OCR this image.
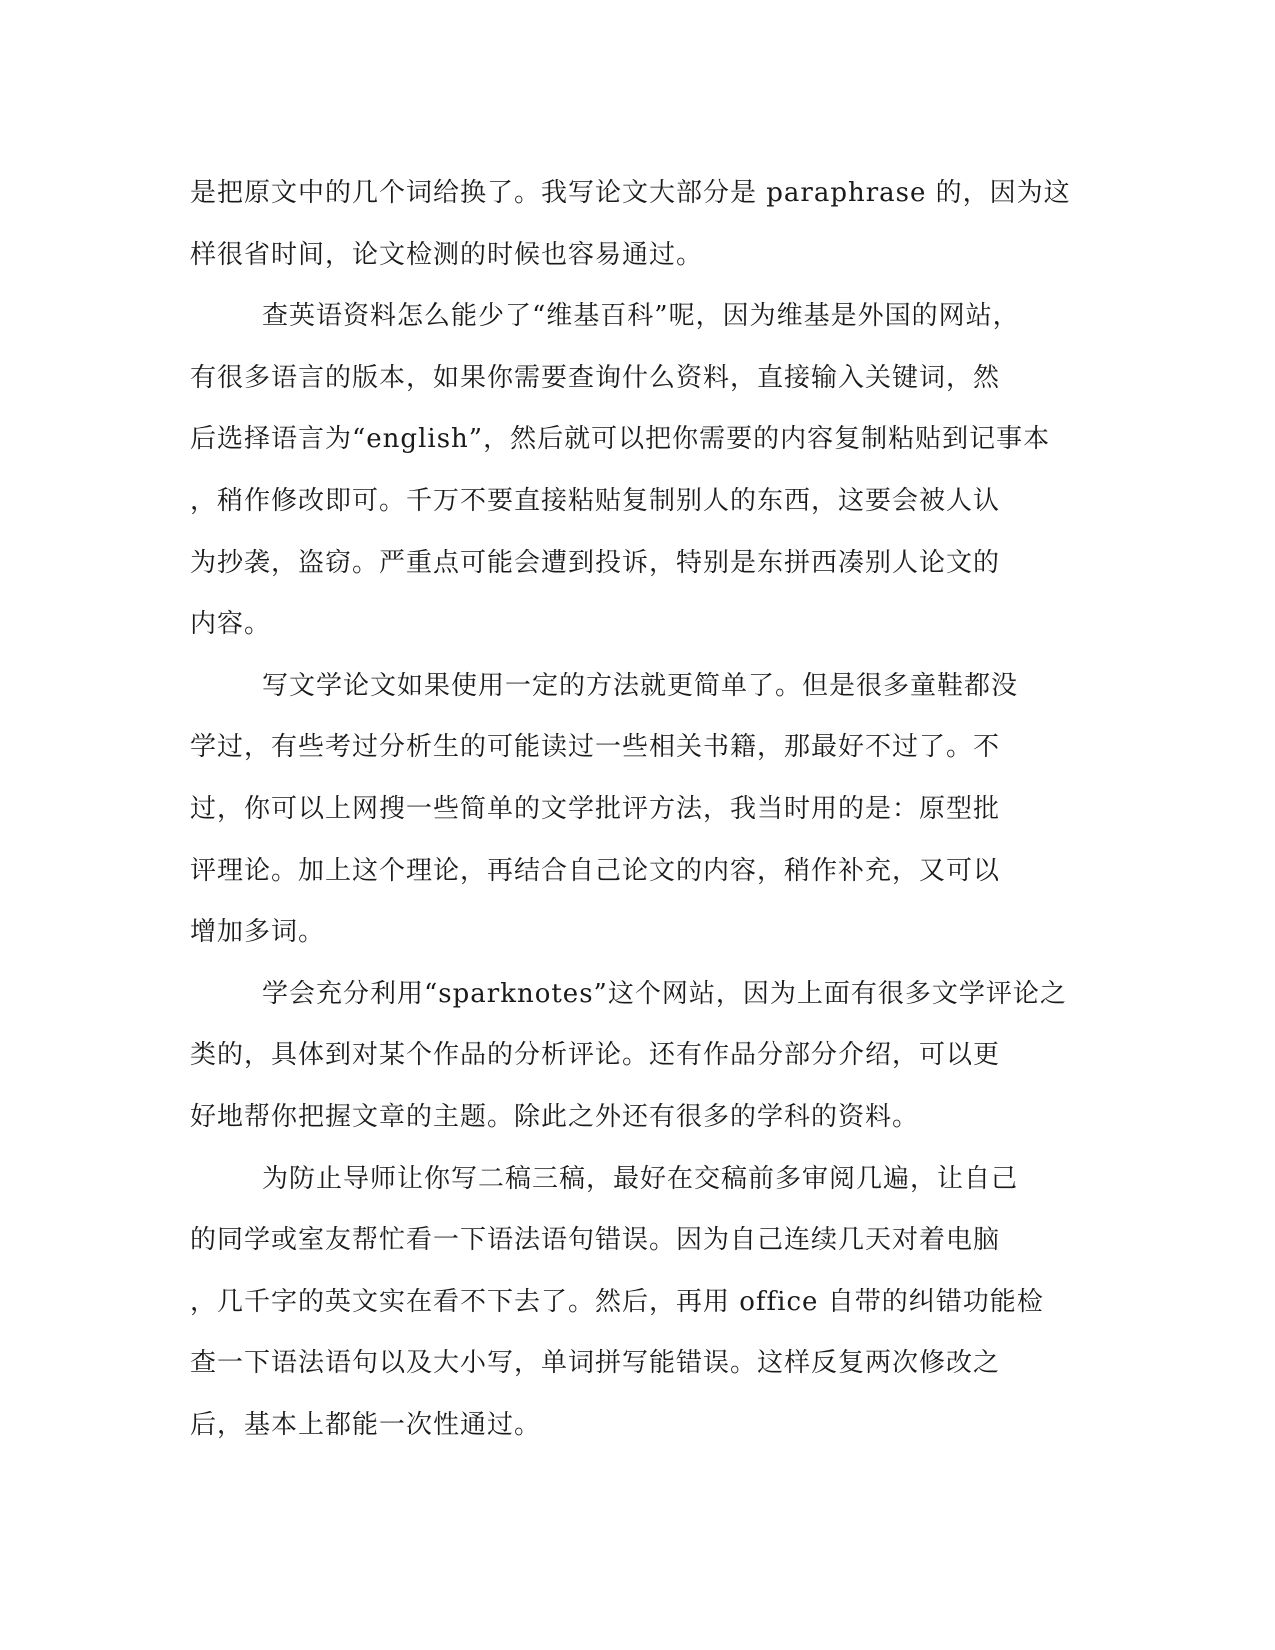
是把原文中的几个词给换了。我写论文大部分是 paraphrase 的，因为这
样很省时间，论文检测的时候也容易通过。
查英语资料怎么能少了“维基百科”呢，因为维基是外国的网站，
有很多语言的版本，如果你需要查询什么资料，直接输入关键词，然
后选择语言为“english”，然后就可以把你需要的内容复制粘贴到记事本
，稍作修改即可。千万不要直接粘贴复制别人的东西，这要会被人认
为抄袭，盗窃。严重点可能会遭到投诉，特别是东拼西凑别人论文的
内容。
写文学论文如果使用一定的方法就更简单了。但是很多童鞋都没
学过，有些考过分析生的可能读过一些相关书籍，那最好不过了。不
过，你可以上网搜一些简单的文学批评方法，我当时用的是：原型批
评理论。加上这个理论，再结合自己论文的内容，稍作补充，又可以
增加多词。
学会充分利用“sparknotes”这个网站，因为上面有很多文学评论之
类的，具体到对某个作品的分析评论。还有作品分部分介绍，可以更
好地帮你把握文章的主题。除此之外还有很多的学科的资料。
为防止导师让你写二稿三稿，最好在交稿前多审阅几遍，让自己
的同学或室友帮忙看一下语法语句错误。因为自己连续几天对着电脑
，几千字的英文实在看不下去了。然后，再用 office 自带的纠错功能检
查一下语法语句以及大小写，单词拼写能错误。这样反复两次修改之
后，基本上都能一次性通过。
